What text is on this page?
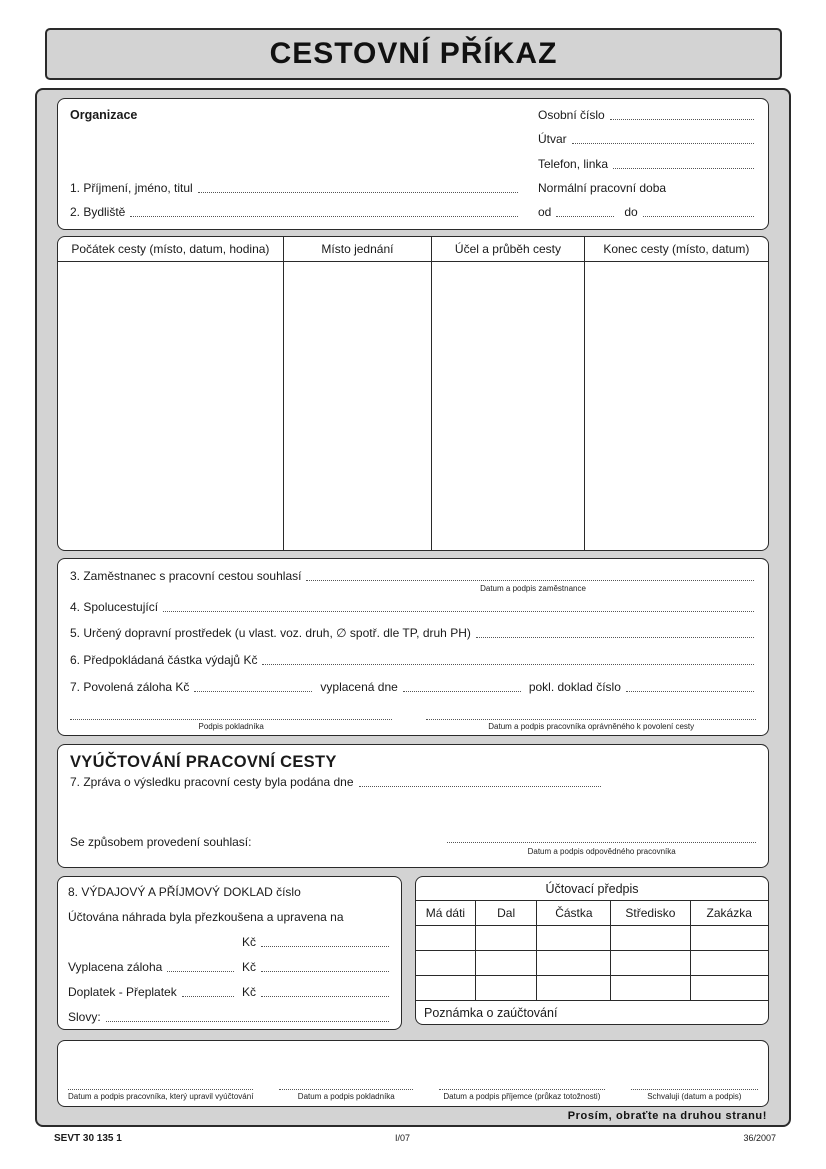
CESTOVNÍ PŘÍKAZ
Organizace
1. Příjmení, jméno, titul
2. Bydliště
Osobní číslo
Útvar
Telefon, linka
Normální pracovní doba
od	do
Počátek cesty (místo, datum, hodina)	Místo jednání	Účel a průběh cesty	Konec cesty (místo, datum)
3. Zaměstnanec s pracovní cestou souhlasí
Datum a podpis zaměstnance
4. Spolucestující
5. Určený dopravní prostředek (u vlast. voz. druh, ∅ spotř. dle TP, druh PH)
6. Předpokládaná částka výdajů Kč
7. Povolená záloha Kč	vyplacená dne	pokl. doklad číslo
Podpis pokladníka	Datum a podpis pracovníka oprávněného k povolení cesty
VYÚČTOVÁNÍ PRACOVNÍ CESTY
7. Zpráva o výsledku pracovní cesty byla podána dne
Se způsobem provedení souhlasí:
Datum a podpis odpovědného pracovníka
8. VÝDAJOVÝ A PŘÍJMOVÝ DOKLAD číslo
Účtována náhrada byla přezkoušena a upravena na
Kč
Vyplacena záloha	Kč
Doplatek - Přeplatek	Kč
Slovy:
Účtovací předpis
Má dáti	Dal	Částka	Středisko	Zakázka
Poznámka o zaúčtování
Datum a podpis pracovníka, který upravil vyúčtování	Datum a podpis pokladníka	Datum a podpis příjemce (průkaz totožnosti)	Schvaluji (datum a podpis)
Prosím, obraťte na druhou stranu!
SEVT 30 135 1	I/07	36/2007
